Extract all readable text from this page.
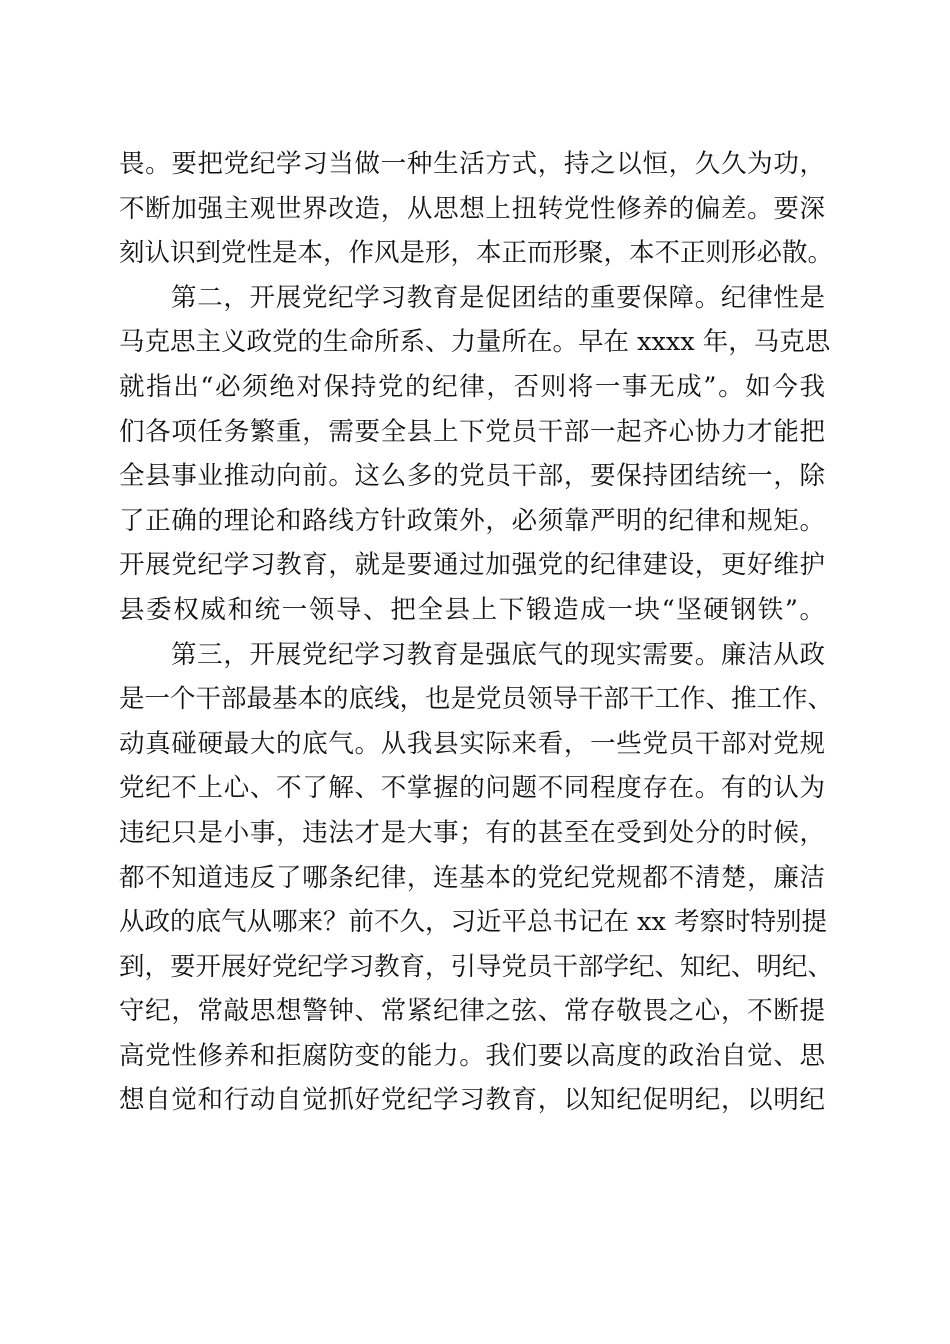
畏。要把党纪学习当做一种生活方式，持之以恒，久久为功，
不断加强主观世界改造，从思想上扭转党性修养的偏差。要深
刻认识到党性是本，作风是形，本正而形聚，本不正则形必散。
第二，开展党纪学习教育是促团结的重要保障。纪律性是
马克思主义政党的生命所系、力量所在。早在 xxxx 年，马克思
就指出“必须绝对保持党的纪律，否则将一事无成”。如今我
们各项任务繁重，需要全县上下党员干部一起齐心协力才能把
全县事业推动向前。这么多的党员干部，要保持团结统一，除
了正确的理论和路线方针政策外，必须靠严明的纪律和规矩。
开展党纪学习教育，就是要通过加强党的纪律建设，更好维护
县委权威和统一领导、把全县上下锻造成一块“坚硬钢铁”。
第三，开展党纪学习教育是强底气的现实需要。廉洁从政
是一个干部最基本的底线，也是党员领导干部干工作、推工作、
动真碰硬最大的底气。从我县实际来看，一些党员干部对党规
党纪不上心、不了解、不掌握的问题不同程度存在。有的认为
违纪只是小事，违法才是大事；有的甚至在受到处分的时候，
都不知道违反了哪条纪律，连基本的党纪党规都不清楚，廉洁
从政的底气从哪来？前不久，习近平总书记在 xx 考察时特别提
到，要开展好党纪学习教育，引导党员干部学纪、知纪、明纪、
守纪，常敲思想警钟、常紧纪律之弦、常存敬畏之心，不断提
高党性修养和拒腐防变的能力。我们要以高度的政治自觉、思
想自觉和行动自觉抓好党纪学习教育，以知纪促明纪，以明纪
